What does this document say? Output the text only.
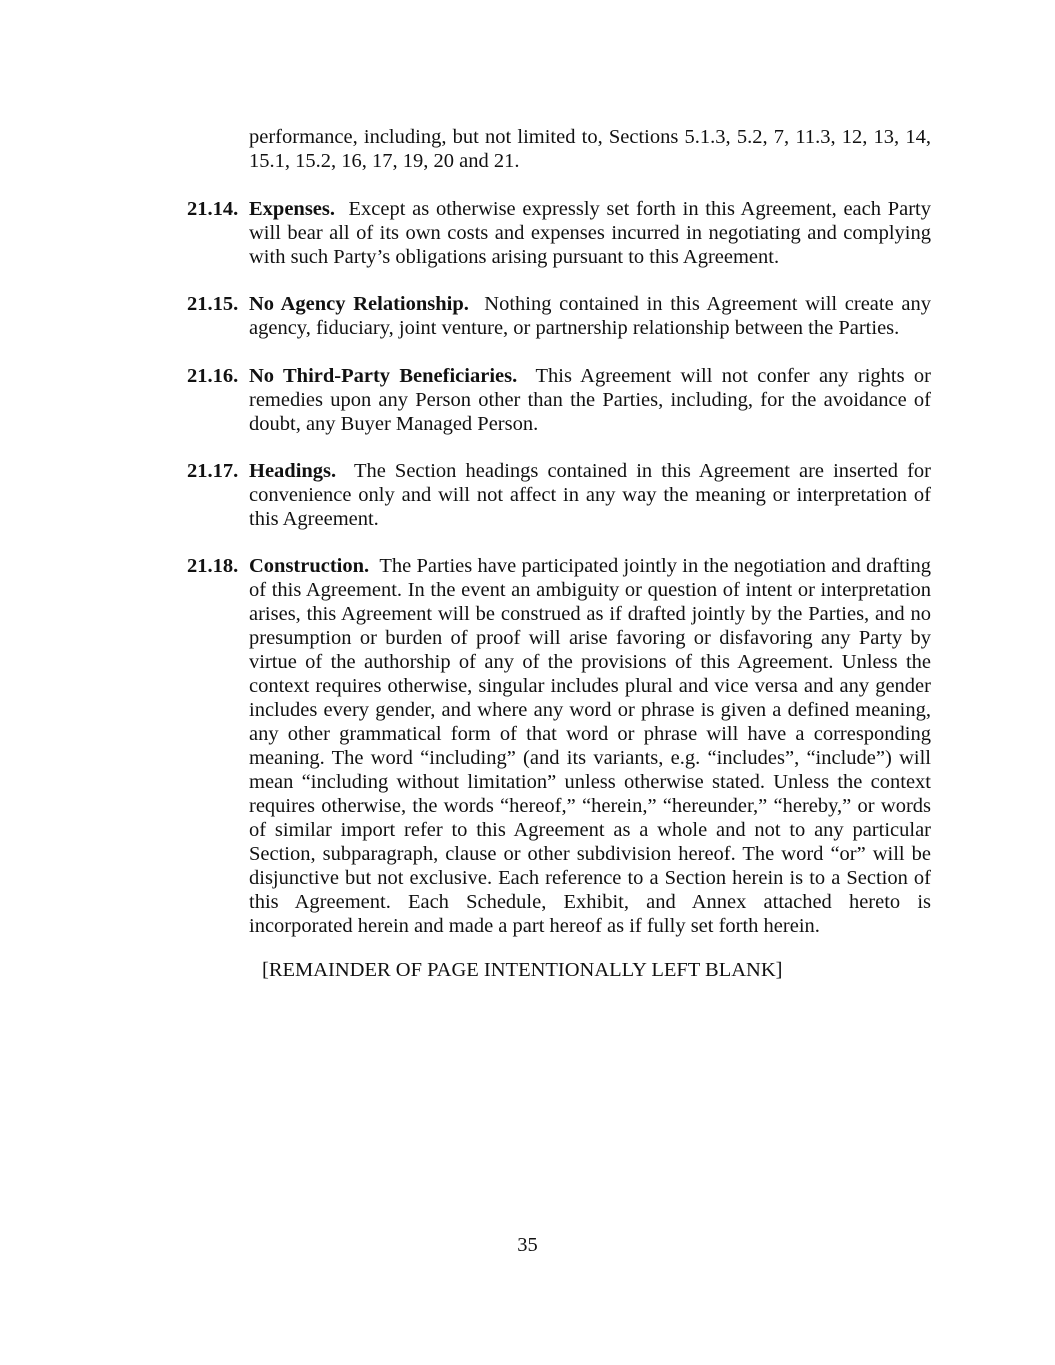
performance, including, but not limited to, Sections 5.1.3, 5.2, 7, 11.3, 12, 13, 14, 15.1, 15.2, 16, 17, 19, 20 and 21.
21.14. Expenses. Except as otherwise expressly set forth in this Agreement, each Party will bear all of its own costs and expenses incurred in negotiating and complying with such Party’s obligations arising pursuant to this Agreement.
21.15. No Agency Relationship. Nothing contained in this Agreement will create any agency, fiduciary, joint venture, or partnership relationship between the Parties.
21.16. No Third-Party Beneficiaries. This Agreement will not confer any rights or remedies upon any Person other than the Parties, including, for the avoidance of doubt, any Buyer Managed Person.
21.17. Headings. The Section headings contained in this Agreement are inserted for convenience only and will not affect in any way the meaning or interpretation of this Agreement.
21.18. Construction. The Parties have participated jointly in the negotiation and drafting of this Agreement. In the event an ambiguity or question of intent or interpretation arises, this Agreement will be construed as if drafted jointly by the Parties, and no presumption or burden of proof will arise favoring or disfavoring any Party by virtue of the authorship of any of the provisions of this Agreement. Unless the context requires otherwise, singular includes plural and vice versa and any gender includes every gender, and where any word or phrase is given a defined meaning, any other grammatical form of that word or phrase will have a corresponding meaning. The word “including” (and its variants, e.g. “includes”, “include”) will mean “including without limitation” unless otherwise stated. Unless the context requires otherwise, the words “hereof,” “herein,” “hereunder,” “hereby,” or words of similar import refer to this Agreement as a whole and not to any particular Section, subparagraph, clause or other subdivision hereof. The word “or” will be disjunctive but not exclusive. Each reference to a Section herein is to a Section of this Agreement. Each Schedule, Exhibit, and Annex attached hereto is incorporated herein and made a part hereof as if fully set forth herein.
[REMAINDER OF PAGE INTENTIONALLY LEFT BLANK]
35
